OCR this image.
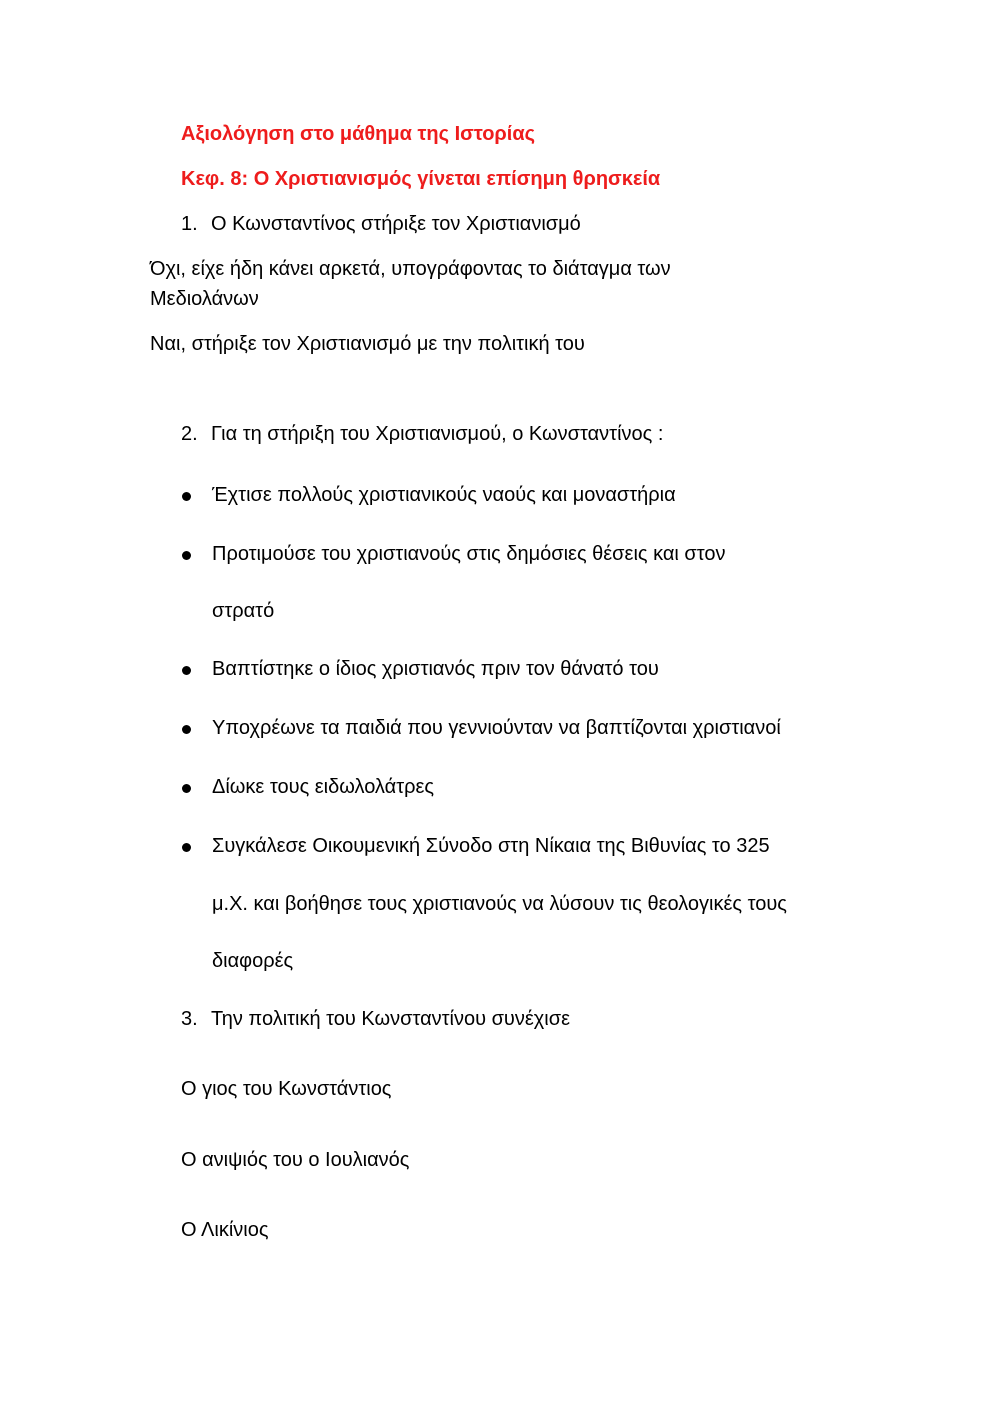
Αξιολόγηση στο μάθημα της Ιστορίας
Κεφ. 8: Ο Χριστιανισμός γίνεται επίσημη θρησκεία
1. Ο Κωνσταντίνος στήριξε τον Χριστιανισμό
Όχι, είχε ήδη κάνει αρκετά, υπογράφοντας το διάταγμα των
Μεδιολάνων
Ναι, στήριξε τον Χριστιανισμό με την πολιτική του
2. Για τη στήριξη του Χριστιανισμού, ο Κωνσταντίνος :
Έχτισε πολλούς χριστιανικούς ναούς και μοναστήρια
Προτιμούσε του χριστιανούς στις δημόσιες θέσεις και στον
στρατό
Βαπτίστηκε ο ίδιος χριστιανός πριν τον θάνατό του
Υποχρέωνε τα παιδιά που γεννιούνταν να βαπτίζονται χριστιανοί
Δίωκε τους ειδωλολάτρες
Συγκάλεσε Οικουμενική Σύνοδο στη Νίκαια της Βιθυνίας το 325
μ.Χ. και βοήθησε τους χριστιανούς να λύσουν τις θεολογικές τους
διαφορές
3. Την πολιτική του Κωνσταντίνου συνέχισε
Ο γιος του Κωνστάντιος
Ο ανιψιός του ο Ιουλιανός
Ο Λικίνιος
